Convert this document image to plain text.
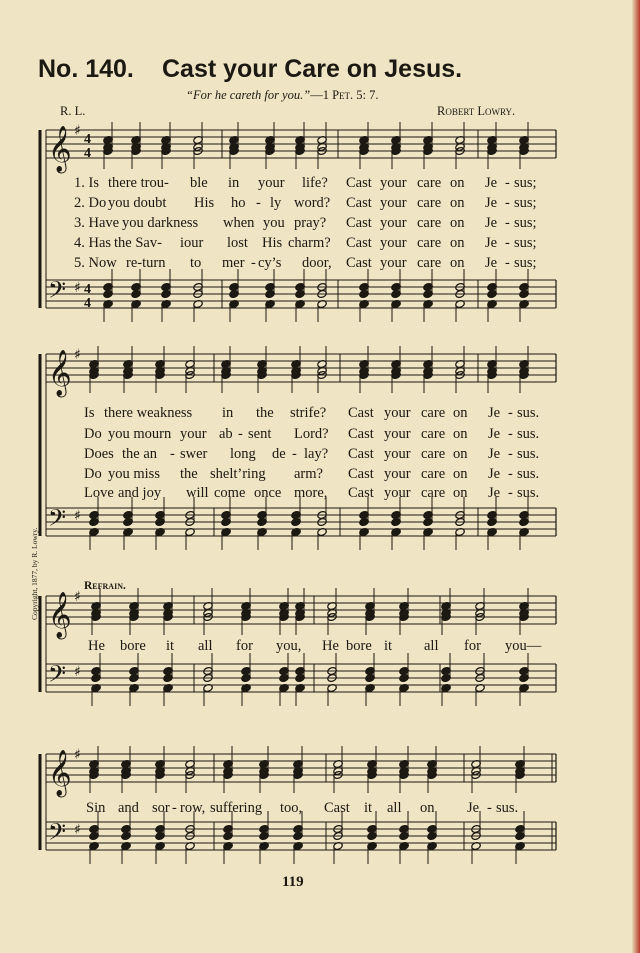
No. 140. Cast your Care on Jesus.
“For he careth for you.”—1 Pet. 5: 7.
R. L.	Robert Lowry.
Copyright, 1877, by R. Lowry.	Refrain.
119
𝄞
𝄢
♯
♯
4
4
4
4
𝄞
𝄢
♯
♯
𝄞
𝄢
♯
♯
𝄞
𝄢
♯
♯
1. Is there trou- ble in your life? Cast your care on Je - sus;
2. Do you doubt His ho - ly word? Cast your care on Je - sus;
3. Have you darkness when you pray? Cast your care on Je - sus;
4. Has the Sav- iour lost His charm? Cast your care on Je - sus;
5. Now re-turn to mer - cy’s door, Cast your care on Je - sus;
Is there weakness in the strife? Cast your care on Je - sus.
Do you mourn your ab - sent Lord? Cast your care on Je - sus.
Does the an - swer long de - lay? Cast your care on Je - sus.
Do you miss the shelt’ring arm? Cast your care on Je - sus.
Love and joy will come once more, Cast your care on Je - sus.
He bore it all for you, He bore it all for you—
Sin and sor - row, suffering too, Cast it all on Je - sus.
